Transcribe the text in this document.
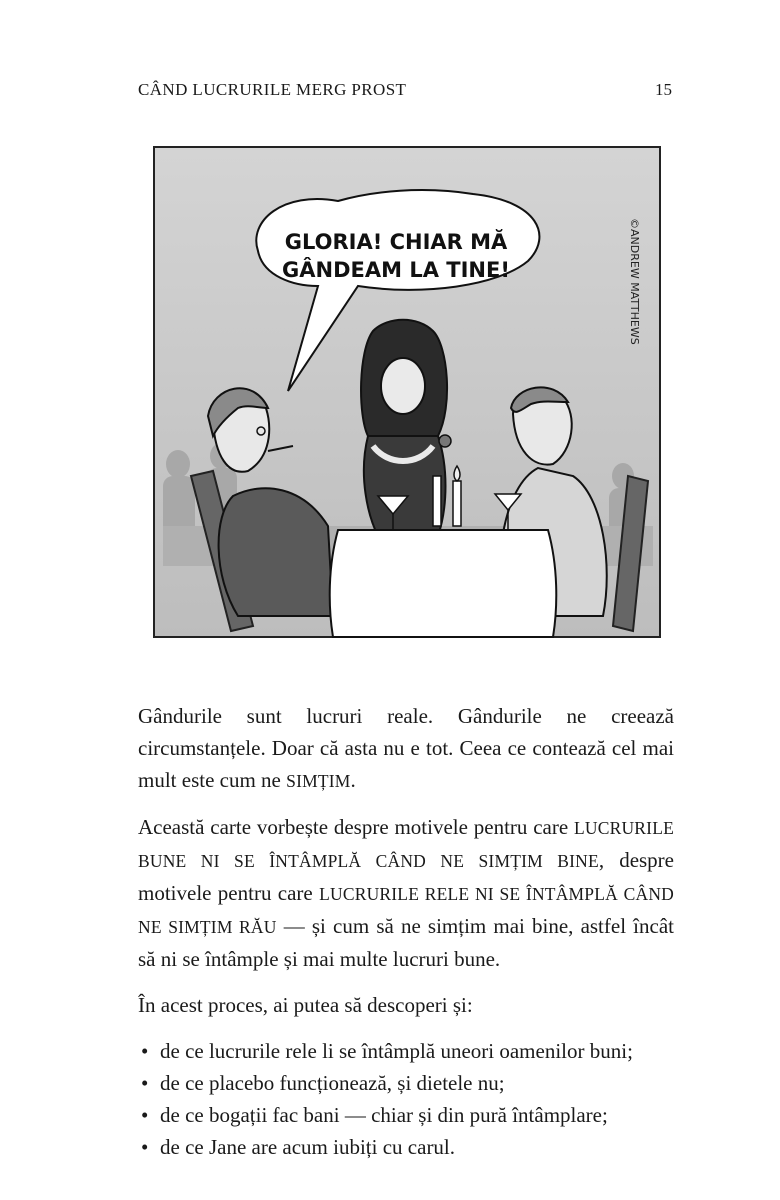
CÂND LUCRURILE MERG PROST	15
GLORIA! CHIAR MĂ
GÂNDEAM LA TINE!	©ANDREW MATTHEWS

Gândurile sunt lucruri reale. Gândurile ne creează circumstanțele. Doar că asta nu e tot. Ceea ce contează cel mai mult este cum ne SIMȚIM.

Această carte vorbește despre motivele pentru care LUCRURILE BUNE NI SE ÎNTÂMPLĂ CÂND NE SIMȚIM BINE, despre motivele pentru care LUCRURILE RELE NI SE ÎNTÂMPLĂ CÂND NE SIMȚIM RĂU — și cum să ne simțim mai bine, astfel încât să ni se întâmple și mai multe lucruri bune.

În acest proces, ai putea să descoperi și:

• de ce lucrurile rele li se întâmplă uneori oamenilor buni;
• de ce placebo funcționează, și dietele nu;
• de ce bogații fac bani — chiar și din pură întâmplare;
• de ce Jane are acum iubiți cu carul.
